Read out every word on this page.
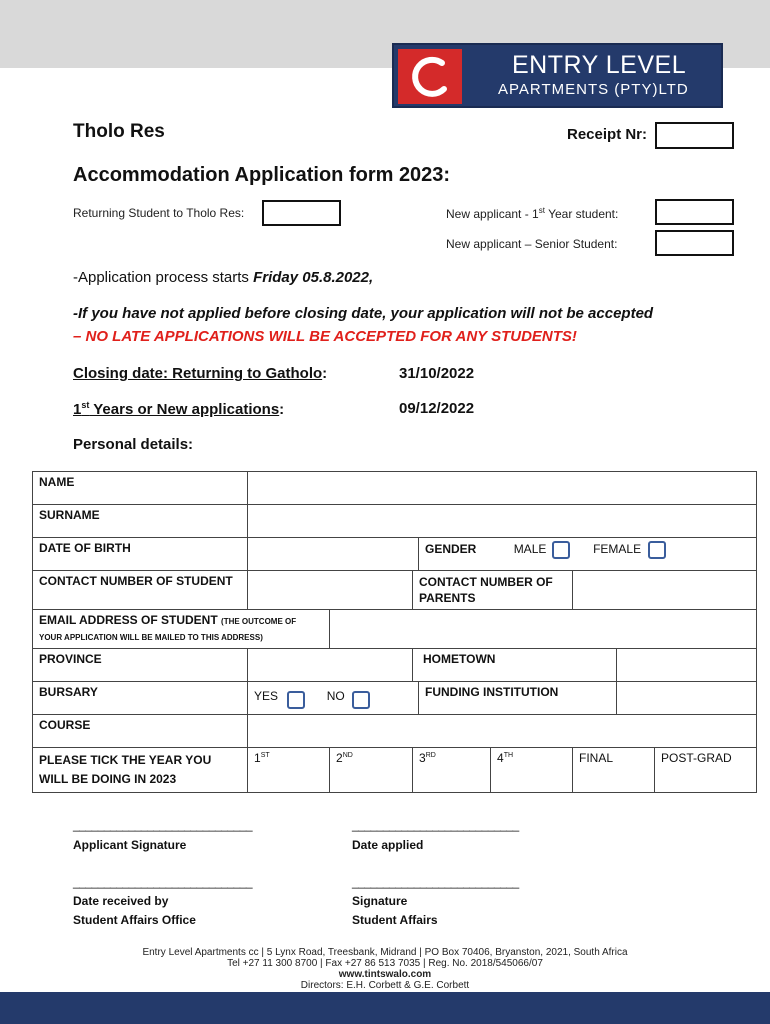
ENTRY LEVEL
APARTMENTS (PTY)LTD
Tholo Res	Receipt Nr:
Accommodation Application form 2023:
Returning Student to Tholo Res:	New applicant - 1st Year student:
New applicant – Senior Student:
-Application process starts Friday 05.8.2022,
-If you have not applied before closing date, your application will not be accepted
– NO LATE APPLICATIONS WILL BE ACCEPTED FOR ANY STUDENTS!
Closing date: Returning to Gatholo:	31/10/2022
1st Years or New applications:	09/12/2022
Personal details:
NAME								
SURNAME								
DATE OF BIRTH				GENDER MALE FEMALE				
CONTACT NUMBER OF STUDENT			CONTACT NUMBER OF PARENTS					
EMAIL ADDRESS OF STUDENT (THE OUTCOME OF
YOUR APPLICATION WILL BE MAILED TO THIS ADDRESS)								
PROVINCE			HOMETOWN					
BURSARY	YES NO			FUNDING INSTITUTION				
COURSE								
PLEASE TICK THE YEAR YOU WILL BE DOING IN 2023	1ST	2ND	3RD		4TH	FINAL		POST-GRAD
_____________________________
Applicant Signature
___________________________
Date applied
_____________________________
Date received by
Student Affairs Office
___________________________
Signature
Student Affairs
Entry Level Apartments cc | 5 Lynx Road, Treesbank, Midrand | PO Box 70406, Bryanston, 2021, South Africa
Tel +27 11 300 8700 | Fax +27 86 513 7035 | Reg. No. 2018/545066/07
www.tintswalo.com
Directors: E.H. Corbett & G.E. Corbett
